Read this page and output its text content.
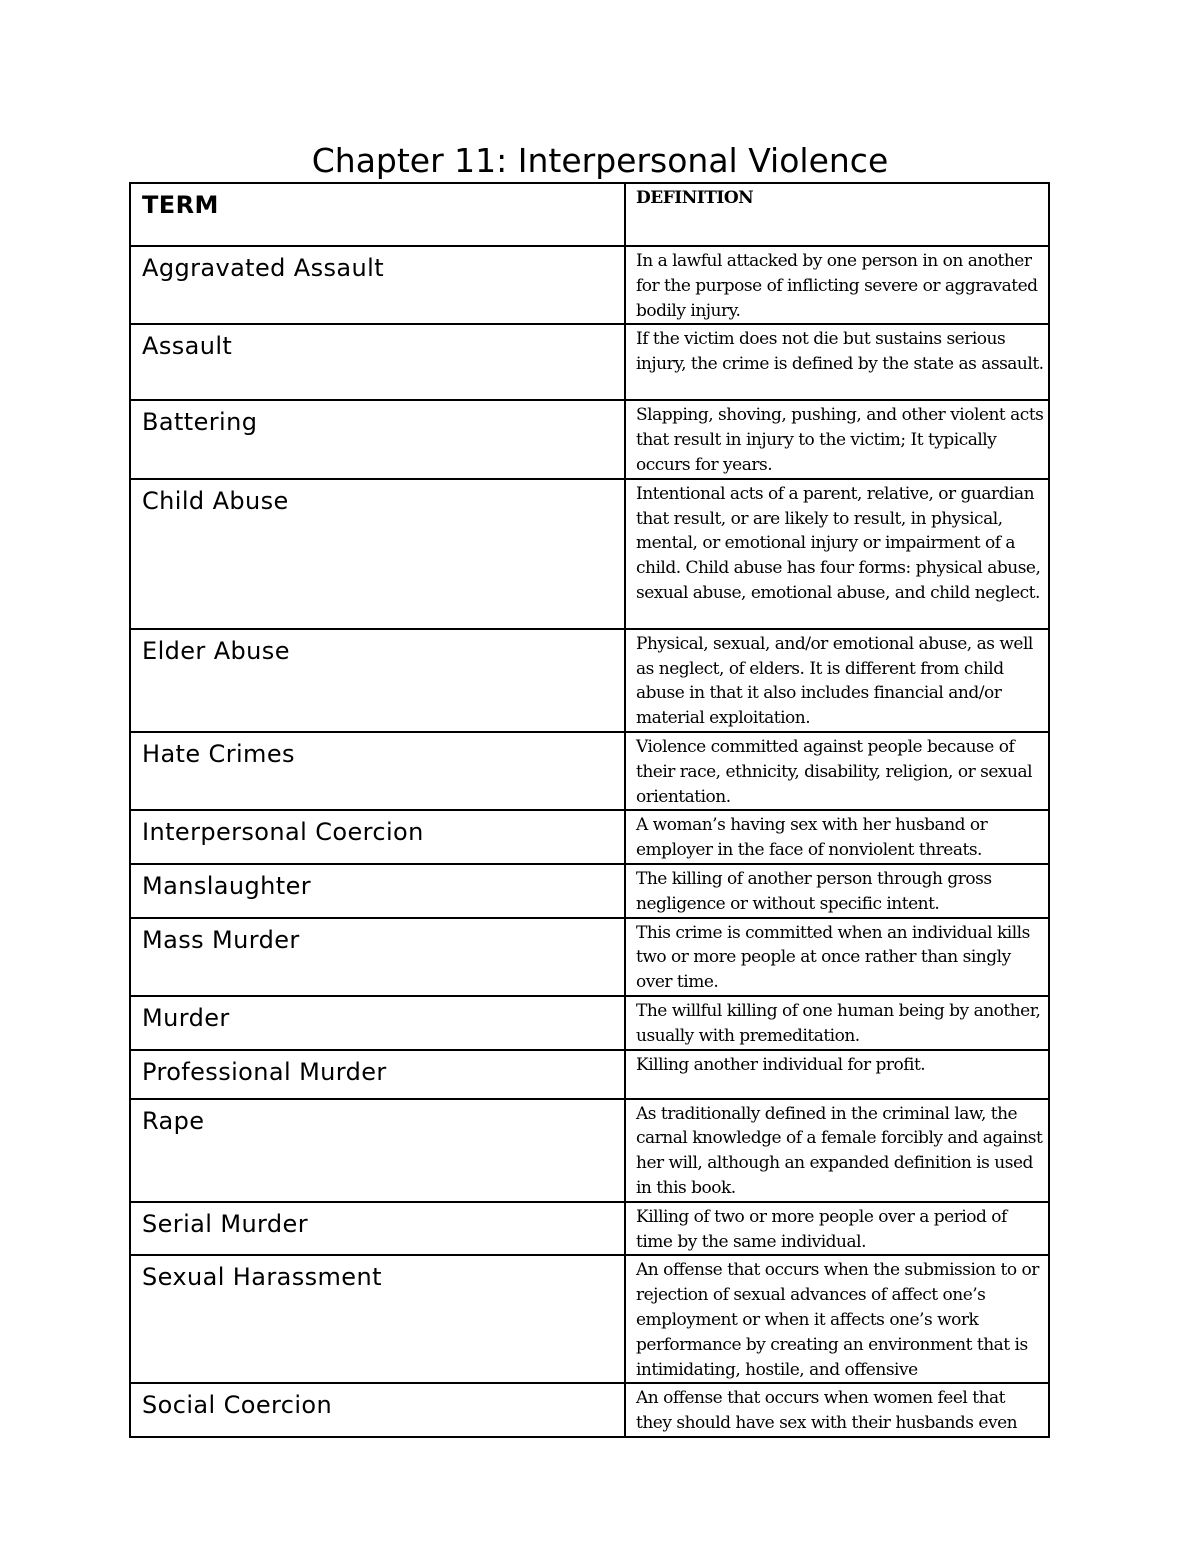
Chapter 11: Interpersonal Violence
TERM	DEFINITION
Aggravated Assault	In a lawful attacked by one person in on another for the purpose of inflicting severe or aggravated bodily injury.
Assault	If the victim does not die but sustains serious injury, the crime is defined by the state as assault.
Battering	Slapping, shoving, pushing, and other violent acts that result in injury to the victim; It typically occurs for years.
Child Abuse	Intentional acts of a parent, relative, or guardian that result, or are likely to result, in physical, mental, or emotional injury or impairment of a child. Child abuse has four forms: physical abuse, sexual abuse, emotional abuse, and child neglect.
Elder Abuse	Physical, sexual, and/or emotional abuse, as well as neglect, of elders. It is different from child abuse in that it also includes financial and/or material exploitation.
Hate Crimes	Violence committed against people because of their race, ethnicity, disability, religion, or sexual orientation.
Interpersonal Coercion	A woman’s having sex with her husband or employer in the face of nonviolent threats.
Manslaughter	The killing of another person through gross negligence or without specific intent.
Mass Murder	This crime is committed when an individual kills two or more people at once rather than singly over time.
Murder	The willful killing of one human being by another, usually with premeditation.
Professional Murder	Killing another individual for profit.
Rape	As traditionally defined in the criminal law, the carnal knowledge of a female forcibly and against her will, although an expanded definition is used in this book.
Serial Murder	Killing of two or more people over a period of time by the same individual.
Sexual Harassment	An offense that occurs when the submission to or rejection of sexual advances of affect one’s employment or when it affects one’s work performance by creating an environment that is intimidating, hostile, and offensive
Social Coercion	An offense that occurs when women feel that they should have sex with their husbands even
